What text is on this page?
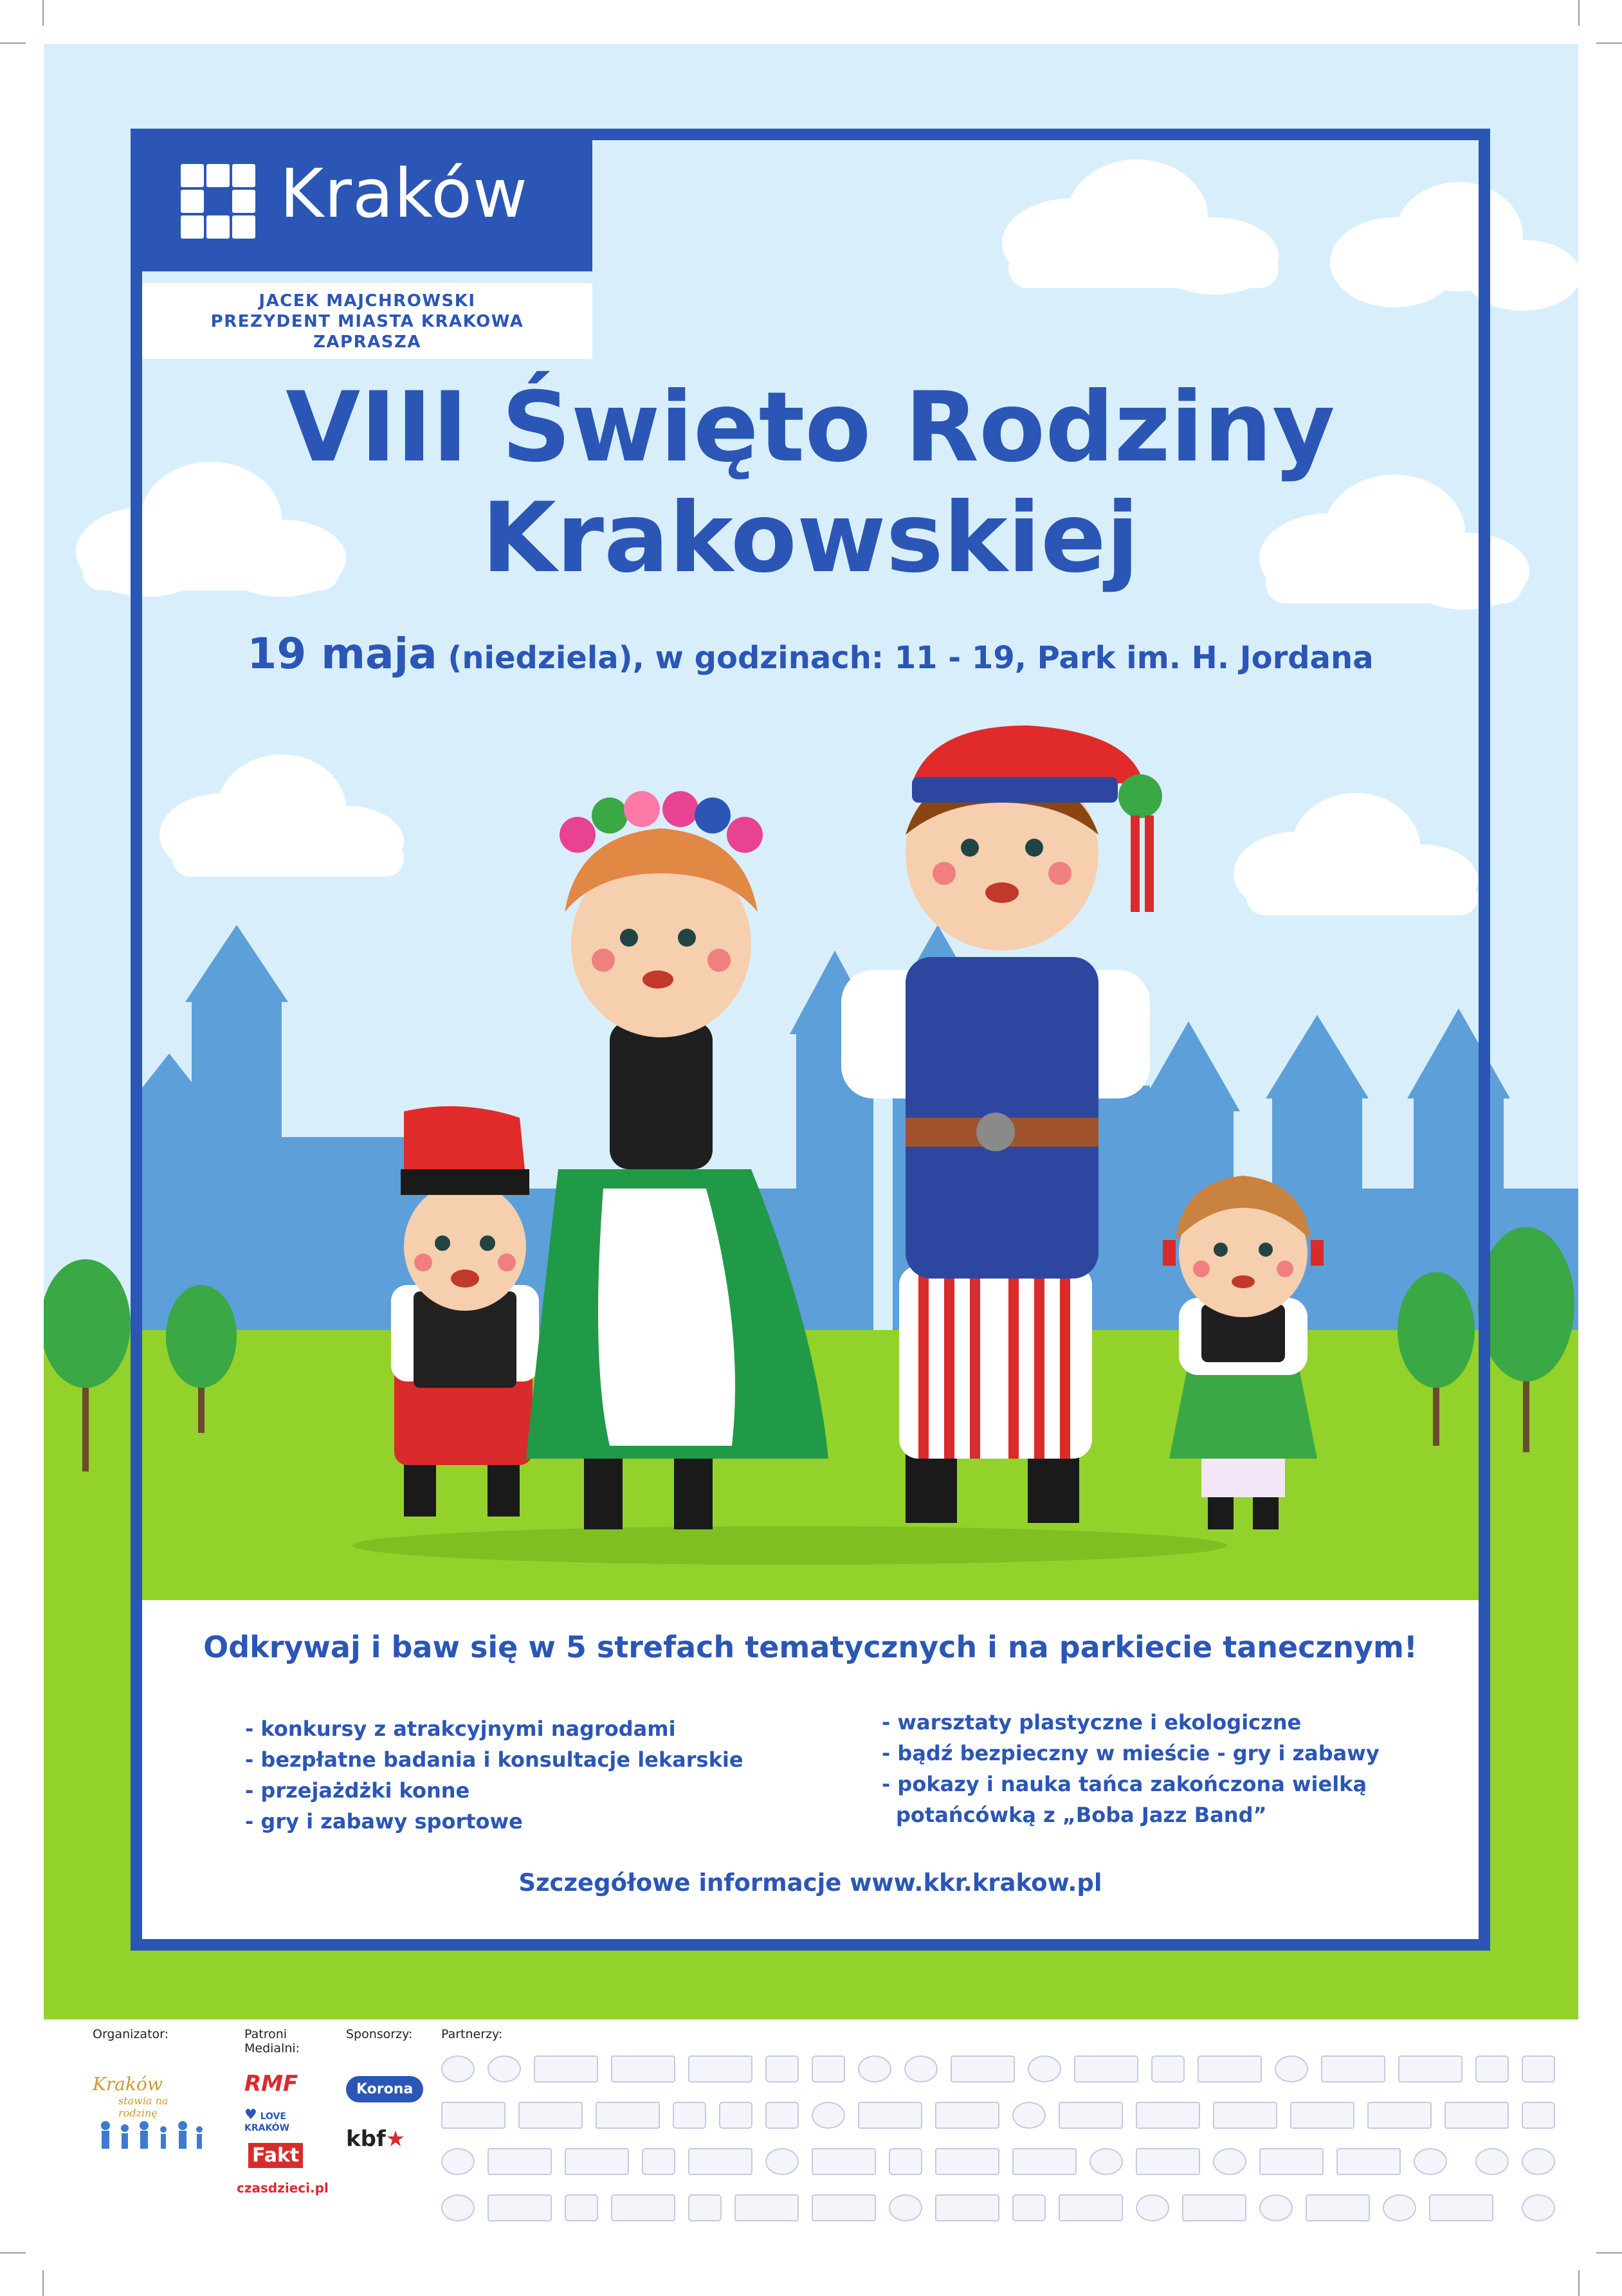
Kraków
JACEK MAJCHROWSKI
PREZYDENT MIASTA KRAKOWA
ZAPRASZA
VIII Święto Rodziny
Krakowskiej
19 maja (niedziela), w godzinach: 11 - 19, Park im. H. Jordana
Odkrywaj i baw się w 5 strefach tematycznych i na parkiecie tanecznym!
- konkursy z atrakcyjnymi nagrodami
- bezpłatne badania i konsultacje lekarskie
- przejażdżki konne
- gry i zabawy sportowe
- warsztaty plastyczne i ekologiczne
- bądź bezpieczny w mieście - gry i zabawy
- pokazy i nauka tańca zakończona wielką
potańcówką z „Boba Jazz Band”
Szczegółowe informacje www.kkr.krakow.pl
Organizator:	Patroni
Medialni:
Sponsorzy: Partnerzy:
Kraków
stawia na rodzinę
RMF
♥ LOVE KRAKÓW
Fakt
czasdzieci.pl
Korona
kbf★
